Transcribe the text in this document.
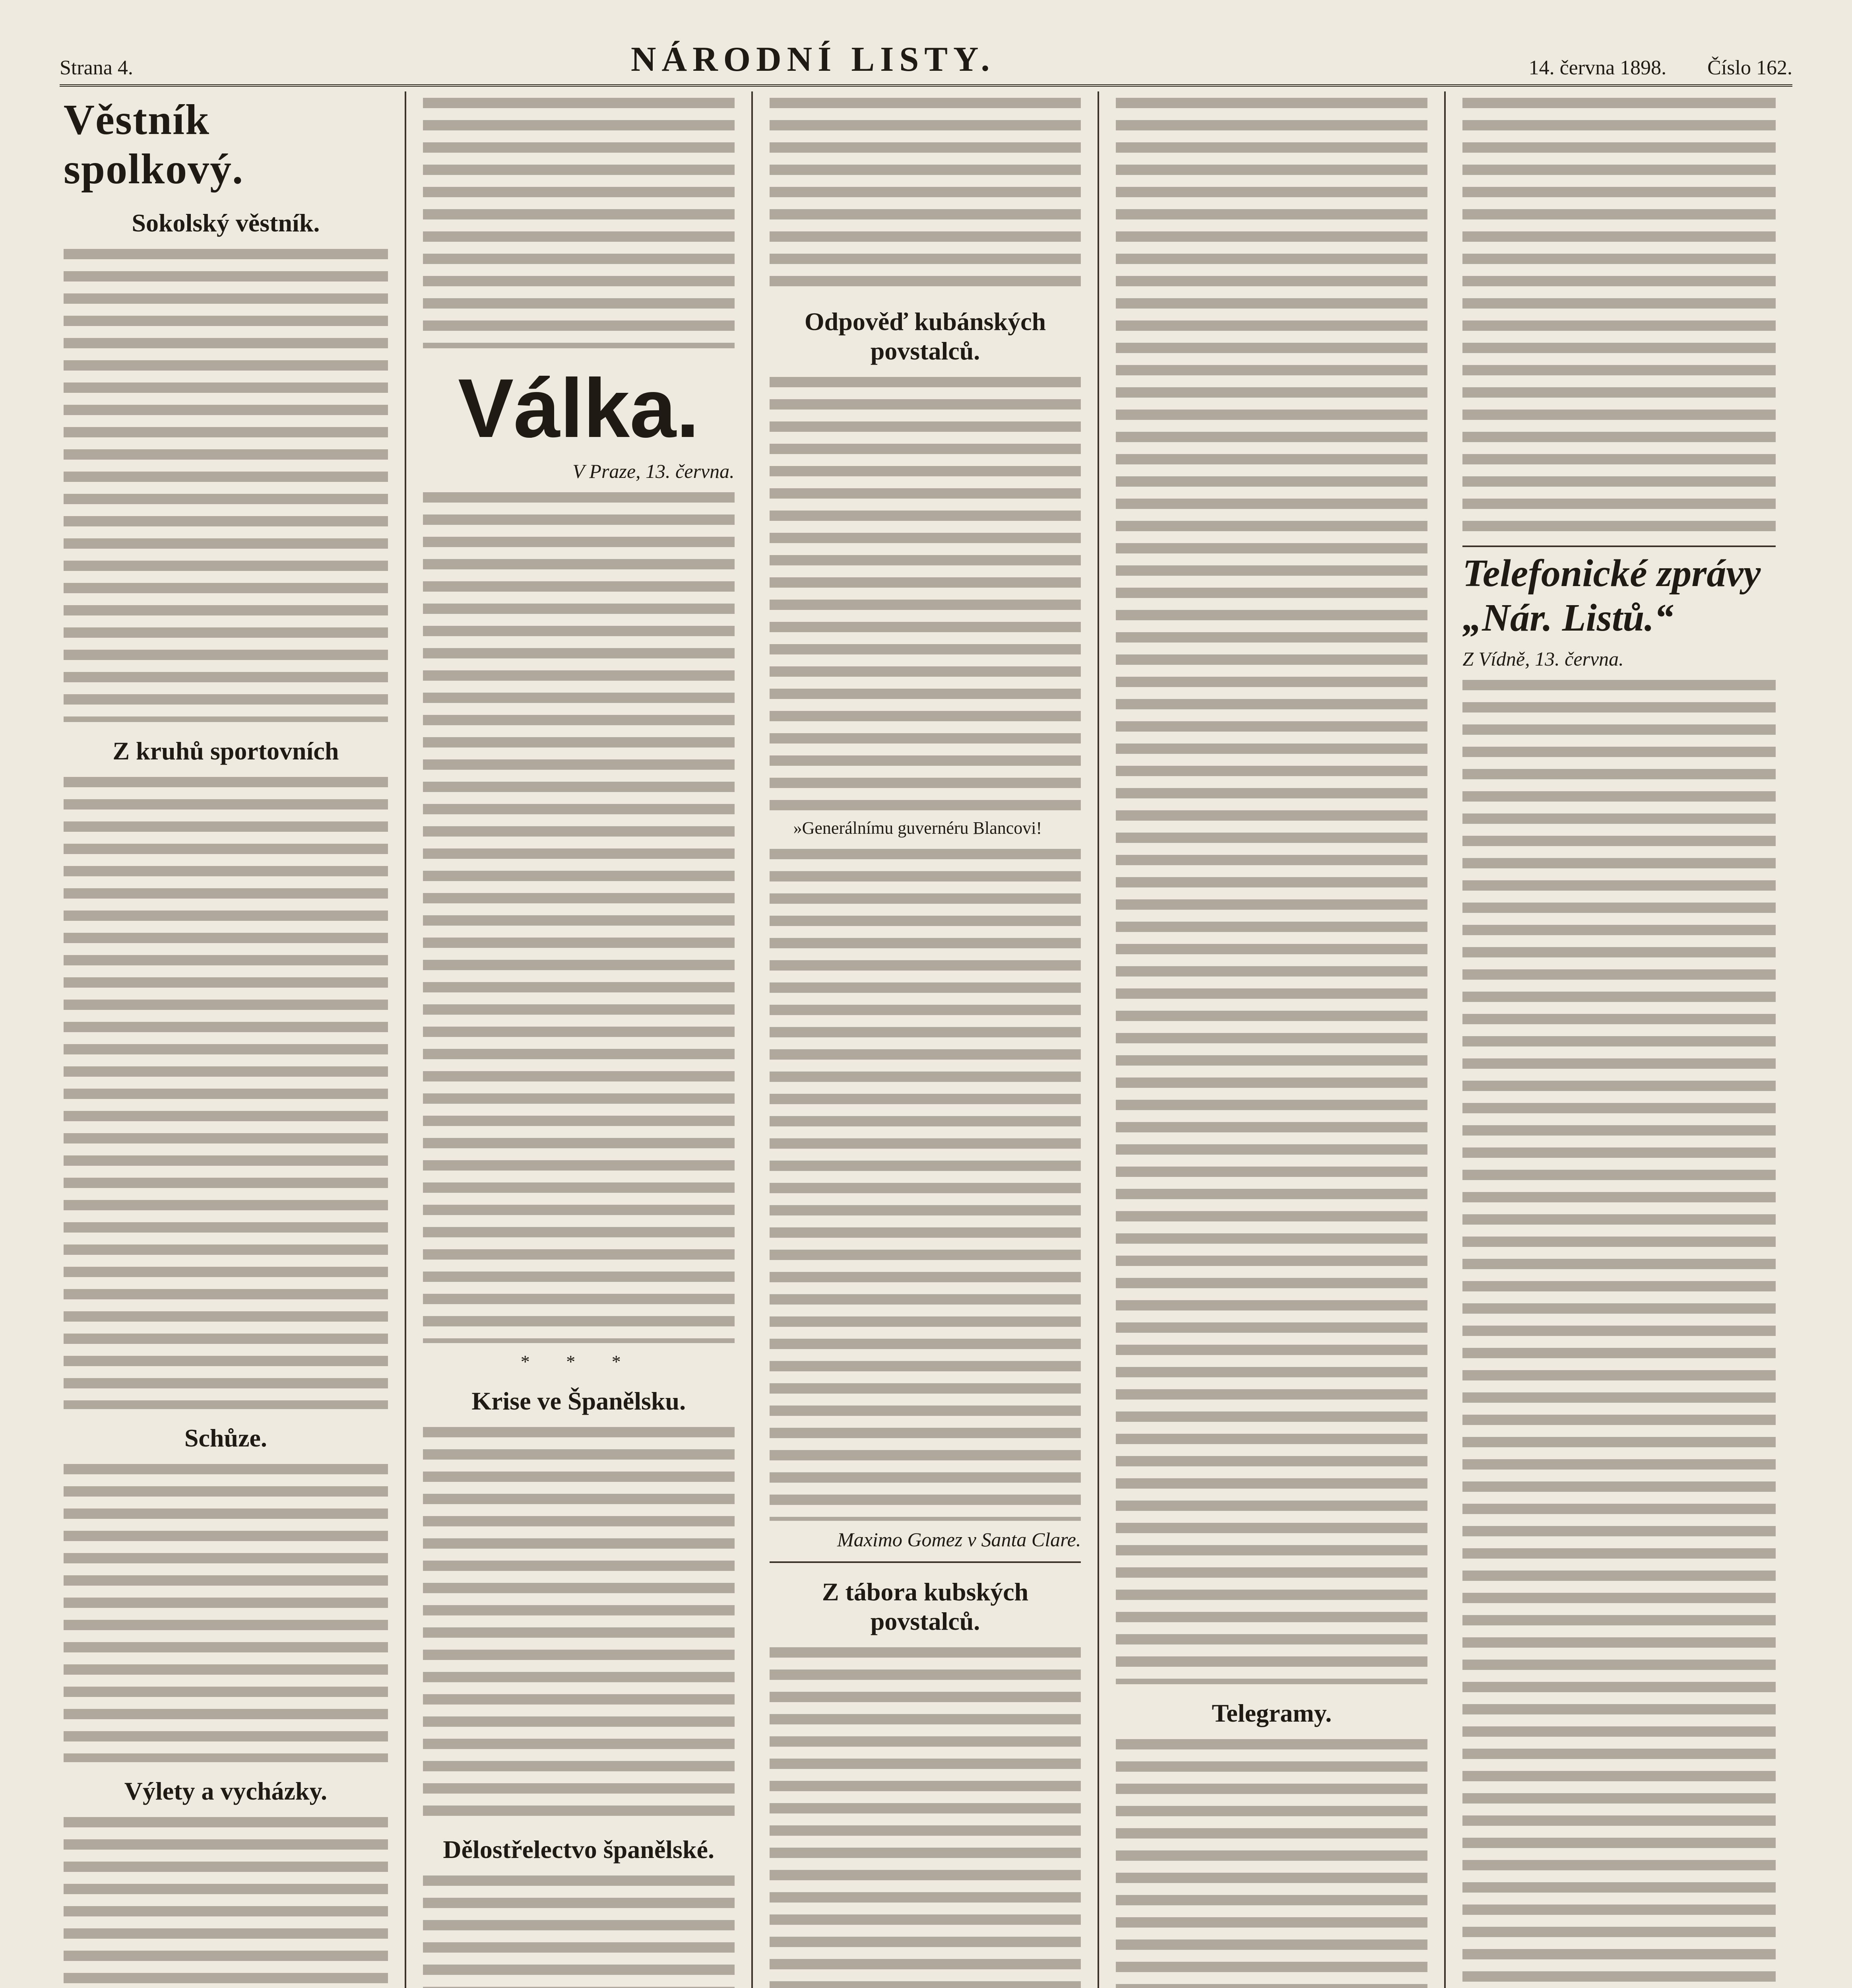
Strana 4.	NÁRODNÍ LISTY.	14. června 1898. Číslo 162.
Věstník spolkový.
Sokolský věstník.
Z kruhů sportovních
Schůze.
Výlety a vycházky.
Válka.
V Praze, 13. června.
* * *
Krise ve Španělsku.
Dělostřelectvo španělské.
Odpověď kubánských povstalců.

»Generálnímu guvernéru Blancovi!

Maximo Gomez v Santa Clare.
Z tábora kubských povstalců.
Telegramy.
Telefonické zprávy „Nár. Listů.“
Z Vídně, 13. června.
